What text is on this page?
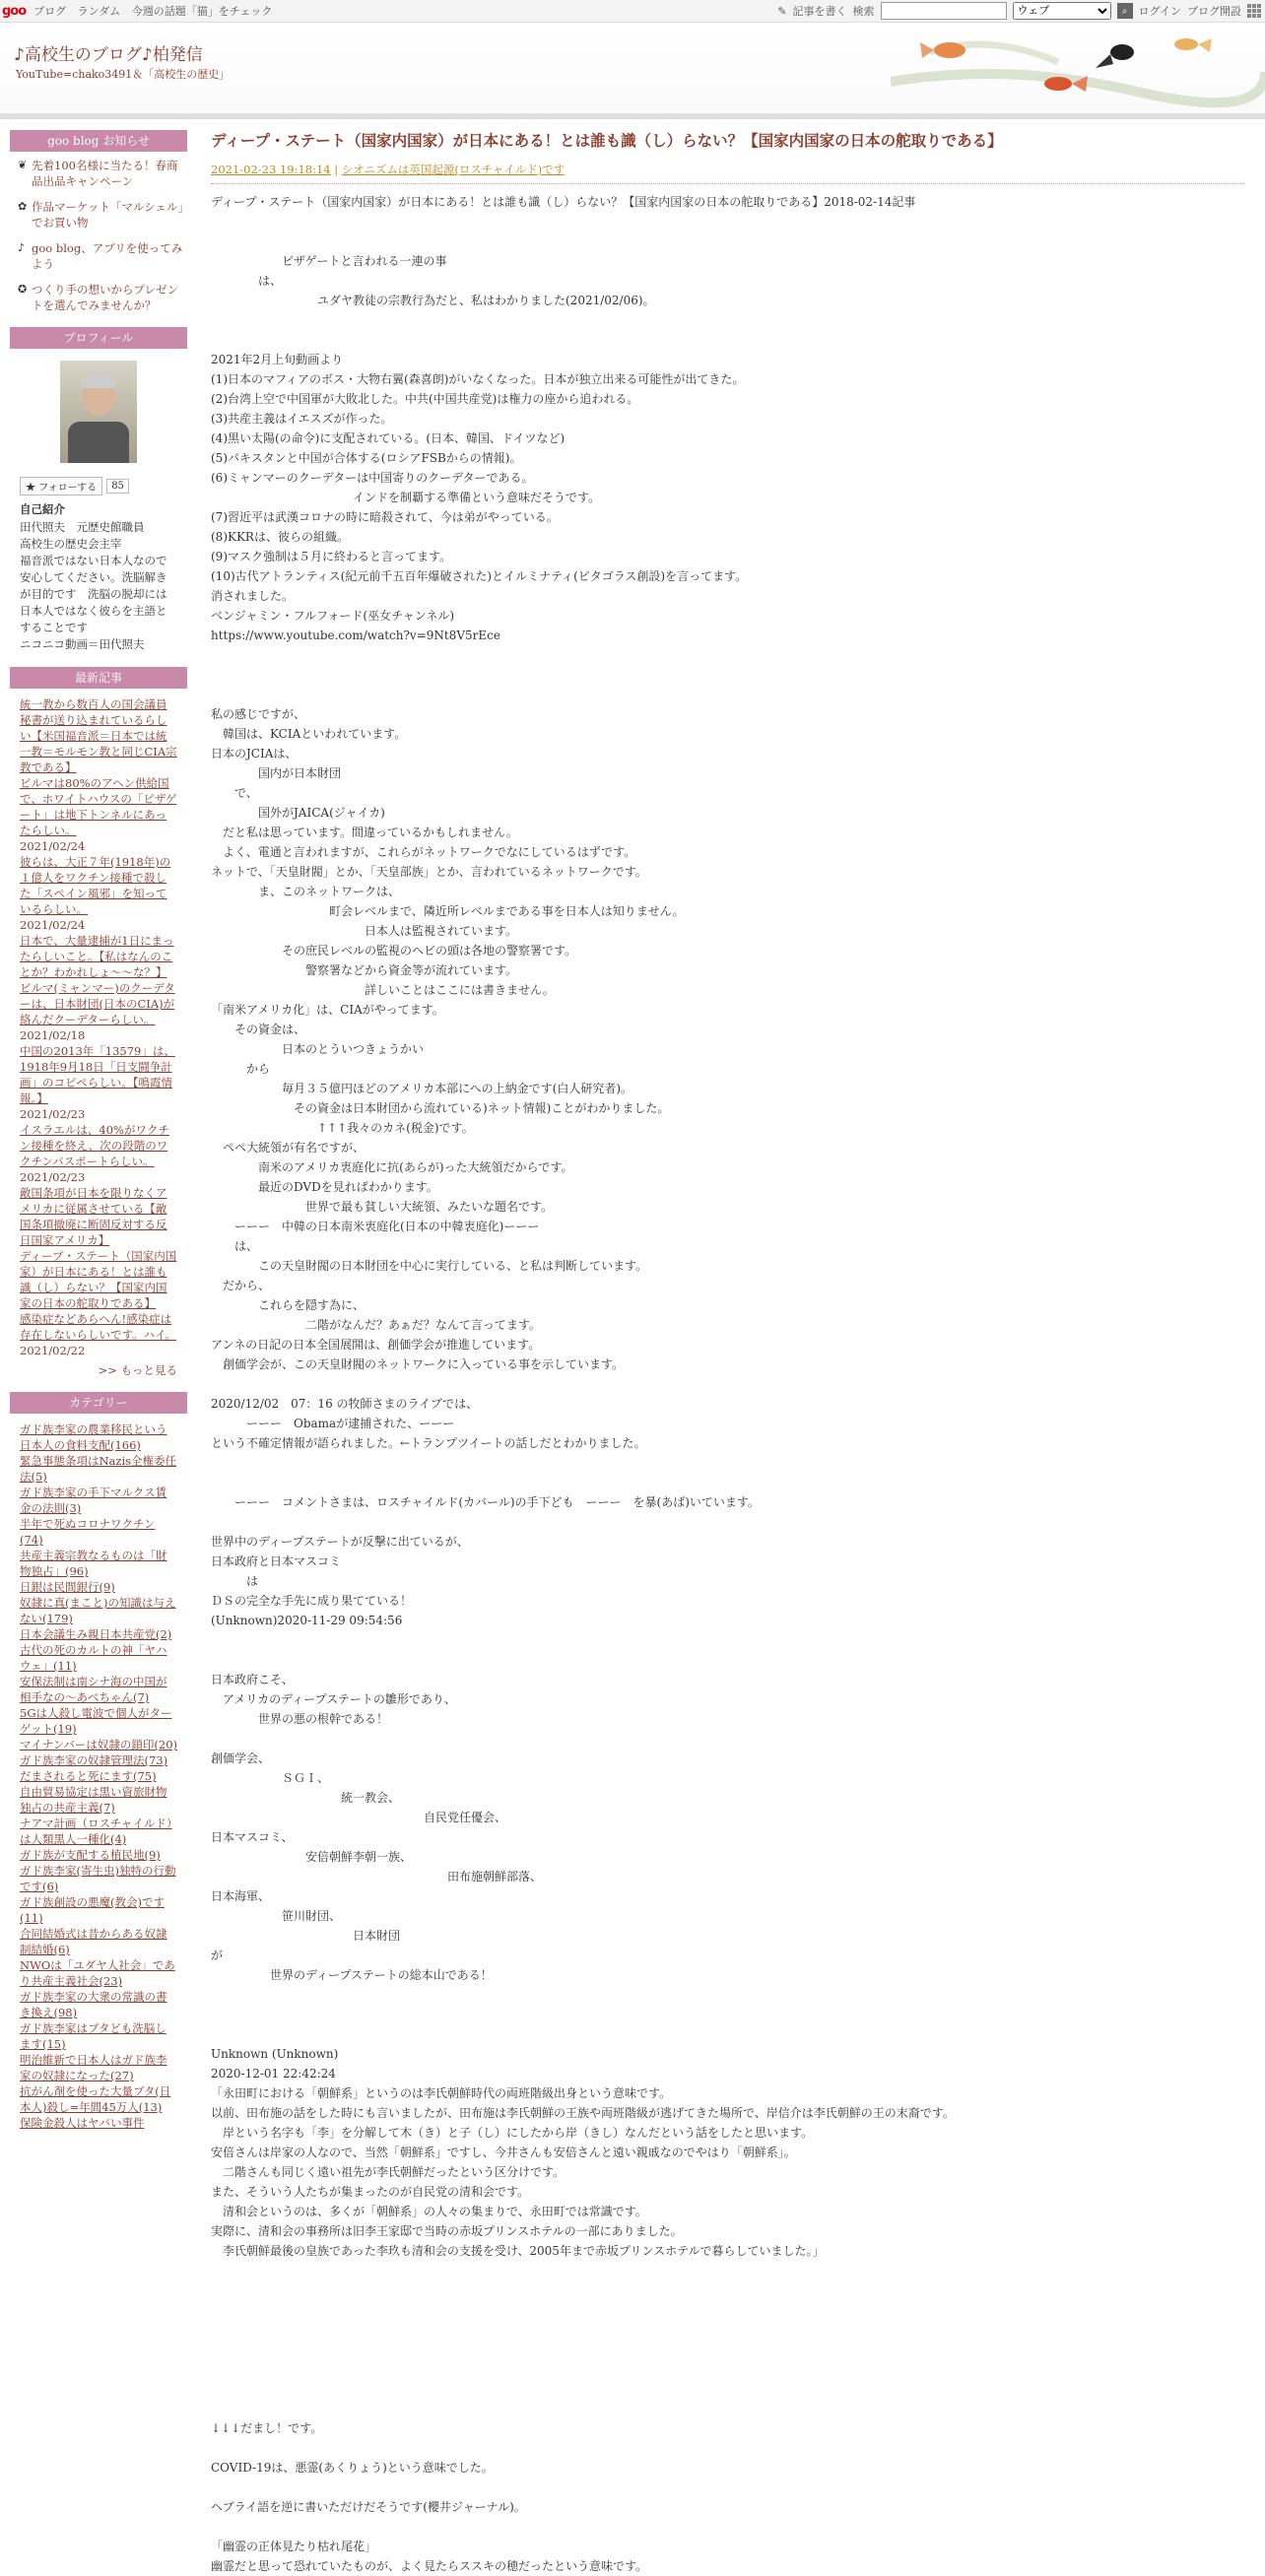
goo ブログ ランダム 今週の話題「猫」をチェック	✎ 記事を書く 検索
ウェブ	⌕ ログイン ブログ開設
♪高校生のブログ♪柏発信
YouTube=chako3491＆「高校生の歴史」
goo blog お知らせ
❦ 先着100名様に当たる！春商品出品キャンペーン
✿ 作品マーケット「マルシェル」でお買い物
♪ goo blog、アプリを使ってみよう
✪ つくり手の想いからプレゼントを選んでみませんか？
プロフィール
★ フォローする	85
自己紹介
田代照夫　元歴史館職員
高校生の歴史会主宰
福音派ではない日本人なので安心してください。洗脳解きが目的です　洗脳の脱却には日本人ではなく彼らを主語とすることです
ニコニコ動画＝田代照夫
最新記事
統一教から数百人の国会議員秘書が送り込まれているらしい【米国福音派＝日本では統一教＝モルモン教と同じCIA宗教である】
ビルマは80%のアヘン供給国で、ホワイトハウスの「ピザゲート」は地下トンネルにあったらしい。
2021/02/24
彼らは、大正７年(1918年)の１億人をワクチン接種で殺した「スペイン風邪」を知っているらしい。
2021/02/24
日本で、大量逮捕が1日にまったらしいこと。【私はなんのことか？わかれしょ～～な？】
ビルマ(ミャンマー)のクーデターは、日本財団(日本のCIA)が絡んだクーデターらしい。
2021/02/18
中国の2013年「13579」は、1918年9月18日「日支闘争計画」のコピペらしい。【鳴霞情報。】
2021/02/23
イスラエルは、40%がワクチン接種を終え、次の段階のワクチンパスポートらしい。
2021/02/23
敵国条項が日本を限りなくアメリカに従属させている【敵国条項撤廃に断固反対する反日国家アメリカ】
ディープ・ステート（国家内国家）が日本にある！とは誰も識（し）らない？【国家内国家の日本の舵取りである】
感染症などあらへん!感染症は存在しないらしいです。ハイ。
2021/02/22
>> もっと見る
カテゴリー
ガド族李家の農業移民という日本人の食料支配(166)
緊急事態条項はNazis全権委任法(5)
ガド族李家の手下マルクス賃金の法則(3)
半年で死ぬコロナワクチン(74)
共産主義宗教なるものは「財物独占」(96)
日銀は民間銀行(9)
奴隷に真(まこと)の知識は与えない(179)
日本会議生み親日本共産党(2)
古代の死のカルトの神「ヤハウェ」(11)
安保法制は南シナ海の中国が相手なの～あべちゃん(7)
5Gは人殺し電波で個人がターゲット(19)
マイナンバーは奴隷の鎖印(20)
ガド族李家の奴隷管理法(73)
だまされると死にます(75)
自由貿易協定は黒い資旅財物独占の共産主義(7)
ナアマ計画（ロスチャイルド）は人類黒人一種化(4)
ガド族が支配する植民地(9)
ガド族李家(寄生虫)独特の行動です(6)
ガド族創設の悪魔(教会)です(11)
合同結婚式は昔からある奴隷制結婚(6)
NWOは「ユダヤ人社会」であり共産主義社会(23)
ガド族李家の大衆の常識の書き換え(98)
ガド族李家はブタども洗脳します(15)
明治維新で日本人はガド族李家の奴隷になった(27)
抗がん剤を使った大量ブタ(日本人)殺し=年間45万人(13)
保険金殺人はヤバい事件
ディープ・ステート（国家内国家）が日本にある！とは誰も識（し）らない？【国家内国家の日本の舵取りである】
2021-02-23 19:18:14 | シオニズムは英国起源(ロスチャイルド)です
ディープ・ステート（国家内国家）が日本にある！とは誰も識（し）らない？【国家内国家の日本の舵取りである】2018-02-14記事

　　　　　　ピザゲートと言われる一連の事
　　　　は、
　　　　　　　　　ユダヤ教徒の宗教行為だと、私はわかりました(2021/02/06)。

2021年2月上旬動画より
(1)日本のマフィアのボス・大物右翼(森喜朗)がいなくなった。日本が独立出来る可能性が出てきた。
(2)台湾上空で中国軍が大敗北した。中共(中国共産党)は権力の座から追われる。
(3)共産主義はイエスズが作った。
(4)黒い太陽(の命令)に支配されている。(日本、韓国、ドイツなど)
(5)パキスタンと中国が合体する(ロシアFSBからの情報)。
(6)ミャンマーのクーデターは中国寄りのクーデターである。
　　　　　　　　　　　　インドを制覇する準備という意味だそうです。
(7)習近平は武漢コロナの時に暗殺されて、今は弟がやっている。
(8)KKRは、彼らの組織。
(9)マスク強制は５月に終わると言ってます。
(10)古代アトランティス(紀元前千五百年爆破された)とイルミナティ(ピタゴラス創設)を言ってます。
消されました。
ベンジャミン・フルフォード(巫女チャンネル)
https://www.youtube.com/watch?v=9Nt8V5rEce

私の感じですが、
　韓国は、KCIAといわれています。
日本のJCIAは、
　　　　国内が日本財団
　　で、
　　　　国外がJAICA(ジャイカ)
　だと私は思っています。間違っているかもしれません。
　よく、電通と言われますが、これらがネットワークでなにしているはずです。
ネットで、「天皇財閥」とか、「天皇部族」とか、言われているネットワークです。
　　　　ま、このネットワークは、
　　　　　　　　　　町会レベルまで、隣近所レベルまである事を日本人は知りません。
　　　　　　　　　　　　　日本人は監視されています。
　　　　　　その庶民レベルの監視のヘビの頭は各地の警察署です。
　　　　　　　　警察署などから資金等が流れています。
　　　　　　　　　　　　　詳しいことはここには書きません。
「南米アメリカ化」は、CIAがやってます。
　　その資金は、
　　　　　　日本のとういつきょうかい
　　　から
　　　　　　毎月３５億円ほどのアメリカ本部にへの上納金です(白人研究者)。
　　　　　　　その資金は日本財団から流れている)ネット情報)ことがわかりました。
　　　　　　　　　↑↑↑我々のカネ(税金)です。
　ペペ大統領が有名ですが、
　　　　南米のアメリカ衷庭化に抗(あらが)った大統領だからです。
　　　　最近のDVDを見ればわかります。
　　　　　　　　世界で最も貧しい大統領、みたいな題名です。
　　ーーー　中韓の日本南米衷庭化(日本の中韓衷庭化)ーーー
　　は、
　　　　この天皇財閥の日本財団を中心に実行している、と私は判断しています。
　だから、
　　　　これらを隠す為に、
　　　　　　　　二階がなんだ？あぁだ？なんて言ってます。
アンネの日記の日本全国展開は、創価学会が推進しています。
　創価学会が、この天皇財閥のネットワークに入っている事を示しています。

2020/12/02　07：16 の牧師さまのライブでは、
　　　ーーー　Obamaが逮捕された、ーーー
という不確定情報が語られました。←トランプツイートの話しだとわかりました。

　　ーーー　コメントさまは、ロスチャイルド(カバール)の手下ども　ーーー　を暴(あば)いています。

世界中のディープステートが反撃に出ているが、
日本政府と日本マスコミ
　　　は
ＤＳの完全な手先に成り果てている！
(Unknown)2020-11-29 09:54:56

日本政府こそ、
　アメリカのディープステートの雛形であり、
　　　　世界の悪の根幹である！

創価学会、
　　　　　　ＳＧＩ、
　　　　　　　　　　　統一教会、
　　　　　　　　　　　　　　　　　　自民党任優会、
日本マスコミ、
　　　　　　　　安倍朝鮮李朝一族、
　　　　　　　　　　　　　　　　　　　　田布施朝鮮部落、
日本海軍、
　　　　　　笹川財団、
　　　　　　　　　　　　日本財団
が
　　　　　世界のディープステートの総本山である！

Unknown (Unknown)
2020-12-01 22:42:24
「永田町における「朝鮮系」というのは李氏朝鮮時代の両班階級出身という意味です。
以前、田布施の話をした時にも言いましたが、田布施は李氏朝鮮の王族や両班階級が逃げてきた場所で、岸信介は李氏朝鮮の王の末裔です。
　岸という名字も「李」を分解して木（き）と子（し）にしたから岸（きし）なんだという話をしたと思います。
安倍さんは岸家の人なので、当然「朝鮮系」ですし、今井さんも安倍さんと遠い親戚なのでやはり「朝鮮系」。
　二階さんも同じく遠い祖先が李氏朝鮮だったという区分けです。
また、そういう人たちが集まったのが自民党の清和会です。
　清和会というのは、多くが「朝鮮系」の人々の集まりで、永田町では常識です。
実際に、清和会の事務所は旧李王家邸で当時の赤坂プリンスホテルの一部にありました。
　李氏朝鮮最後の皇族であった李玖も清和会の支援を受け、2005年まで赤坂プリンスホテルで暮らしていました。」

↓↓↓だまし！です。

COVID-19は、悪霊(あくりょう)という意味でした。

ヘブライ語を逆に書いただけだそうです(櫻井ジャーナル)。

「幽霊の正体見たり枯れ尾花」
幽霊だと思って恐れていたものが、よく見たらススキの穂だったという意味です。
